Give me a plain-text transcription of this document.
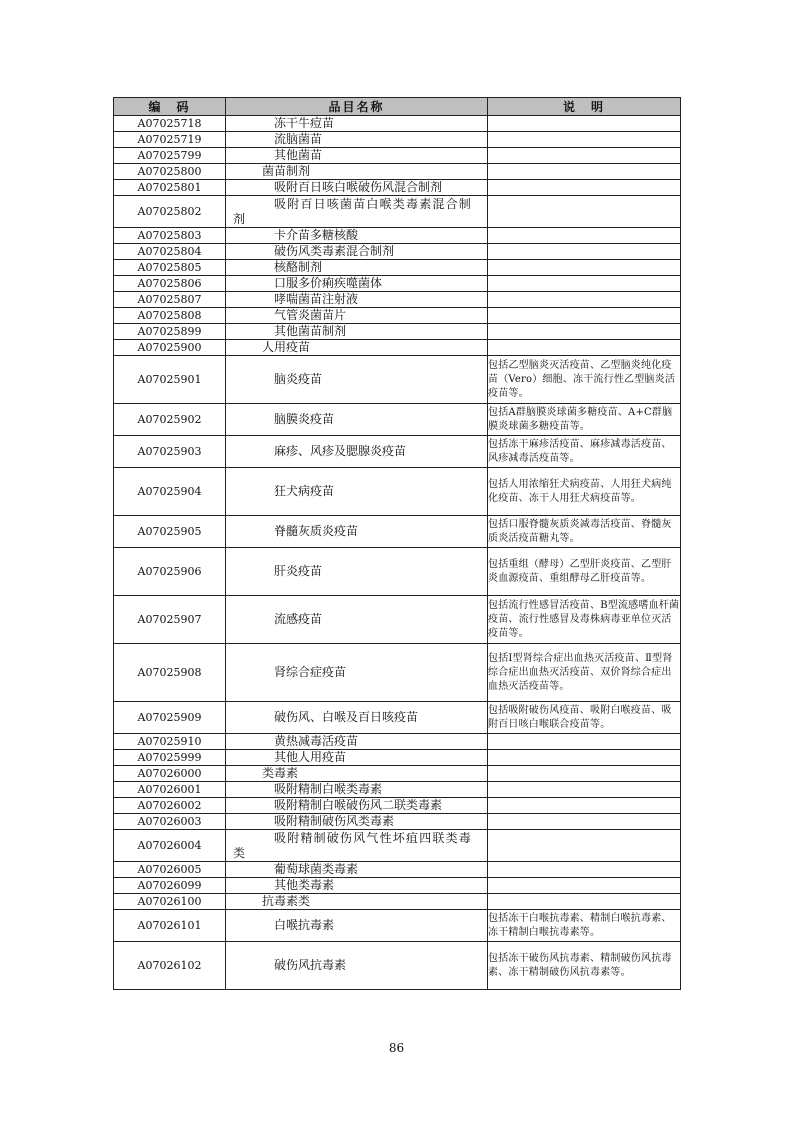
编　码	品目名称	说　明
A07025718	冻干牛痘苗	
A07025719	流脑菌苗	
A07025799	其他菌苗	
A07025800	菌苗制剂	
A07025801	吸附百日咳白喉破伤风混合制剂	
A07025802	吸附百日咳菌苗白喉类毒素混合制剂	
A07025803	卡介苗多糖核酸	
A07025804	破伤风类毒素混合制剂	
A07025805	核酪制剂	
A07025806	口服多价痢疾噬菌体	
A07025807	哮喘菌苗注射液	
A07025808	气管炎菌苗片	
A07025899	其他菌苗制剂	
A07025900	人用疫苗	
A07025901	脑炎疫苗	包括乙型脑炎灭活疫苗、乙型脑炎纯化疫苗（Vero）细胞、冻干流行性乙型脑炎活疫苗等。
A07025902	脑膜炎疫苗	包括A群脑膜炎球菌多糖疫苗、A+C群脑膜炎球菌多糖疫苗等。
A07025903	麻疹、风疹及腮腺炎疫苗	包括冻干麻疹活疫苗、麻疹减毒活疫苗、风疹减毒活疫苗等。
A07025904	狂犬病疫苗	包括人用浓缩狂犬病疫苗、人用狂犬病纯化疫苗、冻干人用狂犬病疫苗等。
A07025905	脊髓灰质炎疫苗	包括口服脊髓灰质炎减毒活疫苗、脊髓灰质炎活疫苗糖丸等。
A07025906	肝炎疫苗	包括重组（酵母）乙型肝炎疫苗、乙型肝炎血源疫苗、重组酵母乙肝疫苗等。
A07025907	流感疫苗	包括流行性感冒活疫苗、B型流感嗜血杆菌疫苗、流行性感冒及毒株病毒亚单位灭活疫苗等。
A07025908	肾综合症疫苗	包括Ⅰ型肾综合症出血热灭活疫苗、Ⅱ型肾综合症出血热灭活疫苗、双价肾综合症出血热灭活疫苗等。
A07025909	破伤风、白喉及百日咳疫苗	包括吸附破伤风疫苗、吸附白喉疫苗、吸附百日咳白喉联合疫苗等。
A07025910	黄热减毒活疫苗	
A07025999	其他人用疫苗	
A07026000	类毒素	
A07026001	吸附精制白喉类毒素	
A07026002	吸附精制白喉破伤风二联类毒素	
A07026003	吸附精制破伤风类毒素	
A07026004	吸附精制破伤风气性坏疽四联类毒类	
A07026005	葡萄球菌类毒素	
A07026099	其他类毒素	
A07026100	抗毒素类	
A07026101	白喉抗毒素	包括冻干白喉抗毒素、精制白喉抗毒素、冻干精制白喉抗毒素等。
A07026102	破伤风抗毒素	包括冻干破伤风抗毒素、精制破伤风抗毒素、冻干精制破伤风抗毒素等。
86
